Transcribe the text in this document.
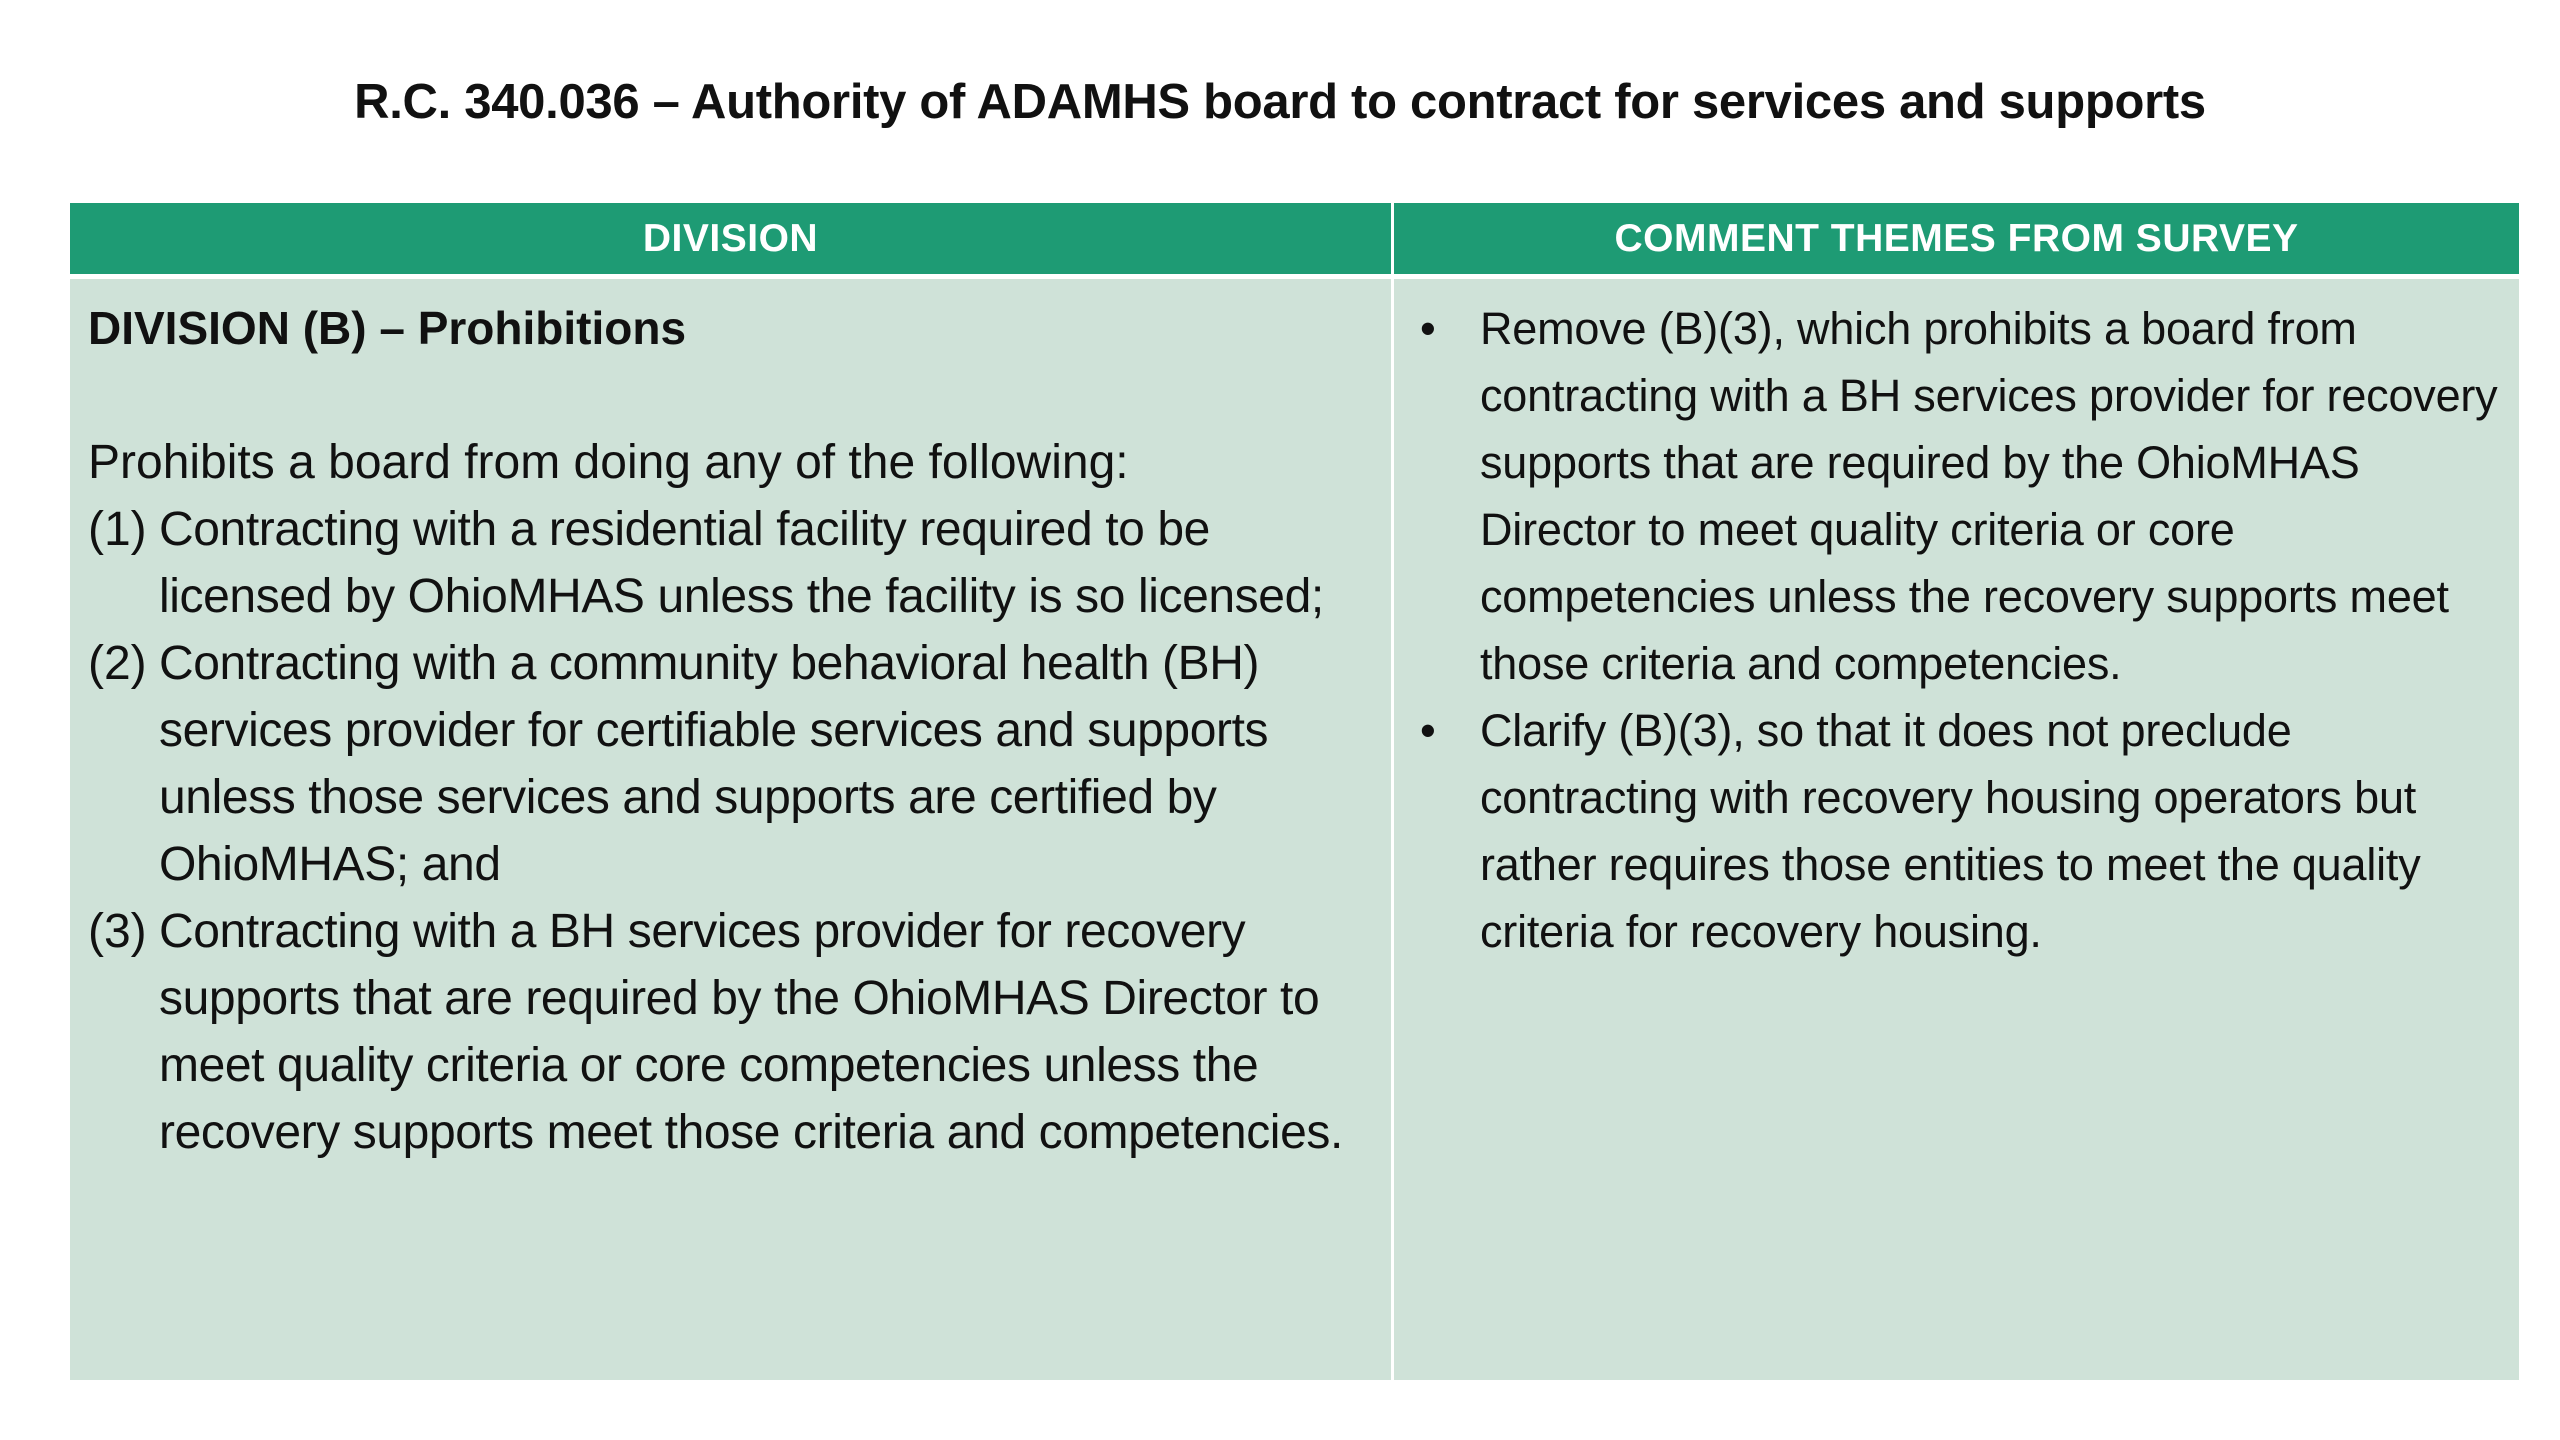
R.C. 340.036 – Authority of ADAMHS board to contract for services and supports
DIVISION	COMMENT THEMES FROM SURVEY
DIVISION (B) – Prohibitions
Prohibits a board from doing any of the following:
(1) Contracting with a residential facility required to be licensed by OhioMHAS unless the facility is so licensed;
(2) Contracting with a community behavioral health (BH) services provider for certifiable services and supports unless those services and supports are certified by OhioMHAS; and
(3) Contracting with a BH services provider for recovery supports that are required by the OhioMHAS Director to meet quality criteria or core competencies unless the recovery supports meet those criteria and competencies.
• Remove (B)(3), which prohibits a board from contracting with a BH services provider for recovery supports that are required by the OhioMHAS Director to meet quality criteria or core competencies unless the recovery supports meet those criteria and competencies.
• Clarify (B)(3), so that it does not preclude contracting with recovery housing operators but rather requires those entities to meet the quality criteria for recovery housing.
